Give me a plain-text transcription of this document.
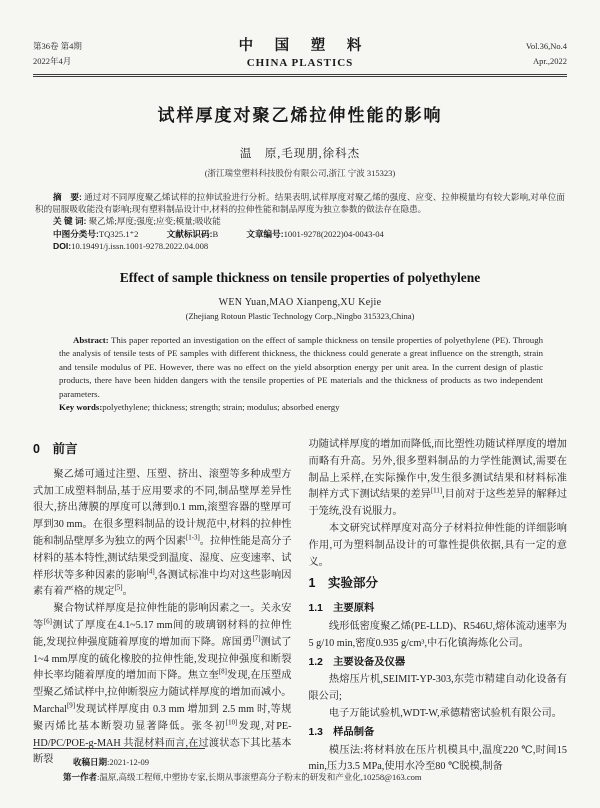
第36卷 第4期
2022年4月
中 国 塑 料
CHINA PLASTICS
Vol.36,No.4
Apr.,2022
试样厚度对聚乙烯拉伸性能的影响
温　原,毛现朋,徐科杰
(浙江瑞堂塑料科技股份有限公司,浙江 宁波 315323)
摘　要: 通过对不同厚度聚乙烯试样的拉伸试验进行分析。结果表明,试样厚度对聚乙烯的强度、应变、拉伸模量均有较大影响,对单位面积的屈服吸收能没有影响;现有塑料制品设计中,材料的拉伸性能和制品厚度为独立参数的做法存在隐患。
关 键 词: 聚乙烯;厚度;强度;应变;模量;吸收能
中图分类号:TQ325.1⁺2	文献标识码:B	文章编号:1001-9278(2022)04-0043-04
DOI:10.19491/j.issn.1001-9278.2022.04.008
Effect of sample thickness on tensile properties of polyethylene
WEN Yuan,MAO Xianpeng,XU Kejie
(Zhejiang Rotoun Plastic Technology Corp.,Ningbo 315323,China)
Abstract: This paper reported an investigation on the effect of sample thickness on tensile properties of polyethylene (PE). Through the analysis of tensile tests of PE samples with different thickness, the thickness could generate a great influence on the strength, strain and tensile modulus of PE. However, there was no effect on the yield absorption energy per unit area. In the current design of plastic products, there have been hidden dangers with the tensile properties of PE materials and the thickness of products as two independent parameters.
Key words:polyethylene; thickness; strength; strain; modulus; absorbed energy
0　前言

聚乙烯可通过注塑、压塑、挤出、滚塑等多种成型方式加工成塑料制品,基于应用要求的不同,制品壁厚差异性很大,挤出薄膜的厚度可以薄到0.1 mm,滚塑容器的壁厚可厚到30 mm。在很多塑料制品的设计规范中,材料的拉伸性能和制品壁厚多为独立的两个因素[1-3]。拉伸性能是高分子材料的基本特性,测试结果受到温度、湿度、应变速率、试样形状等多种因素的影响[4],各测试标准中均对这些影响因素有着严格的规定[5]。

聚合物试样厚度是拉伸性能的影响因素之一。关永安等[6]测试了厚度在4.1~5.17 mm间的玻璃钢材料的拉伸性能,发现拉伸强度随着厚度的增加而下降。席国勇[7]测试了1~4 mm厚度的硫化橡胶的拉伸性能,发现拉伸强度和断裂伸长率均随着厚度的增加而下降。焦立奎[8]发现,在压塑成型聚乙烯试样中,拉伸断裂应力随试样厚度的增加而减小。Marchal[9]发现试样厚度由 0.3 mm 增加到 2.5 mm 时,等规聚丙烯比基本断裂功显著降低。张冬初[10]发现,对PE-HD/PC/POE-g-MAH 共混材料而言,在过渡状态下其比基本断裂

功随试样厚度的增加而降低,而比塑性功随试样厚度的增加而略有升高。另外,很多塑料制品的力学性能测试,需要在制品上采样,在实际操作中,发生很多测试结果和材料标准制样方式下测试结果的差异[11],目前对于这些差异的解释过于笼统,没有说服力。

本文研究试样厚度对高分子材料拉伸性能的详细影响作用,可为塑料制品设计的可靠性提供依据,具有一定的意义。

1　实验部分
1.1　主要原料

线形低密度聚乙烯(PE-LLD)、R546U,熔体流动速率为5 g/10 min,密度0.935 g/cm³,中石化镇海炼化公司。

1.2　主要设备及仪器

热熔压片机,SEIMIT-YP-303,东莞市精建自动化设备有限公司;

电子万能试验机,WDT-W,承德精密试验机有限公司。

1.3　样品制备

模压法:将材料放在压片机模具中,温度220 ℃,时间15 min,压力3.5 MPa,使用水冷至80 ℃脱模,制备

收稿日期:2021-12-09
第一作者:温原,高级工程师,中塑协专家,长期从事滚塑高分子粉末的研发和产业化,10258@163.com
